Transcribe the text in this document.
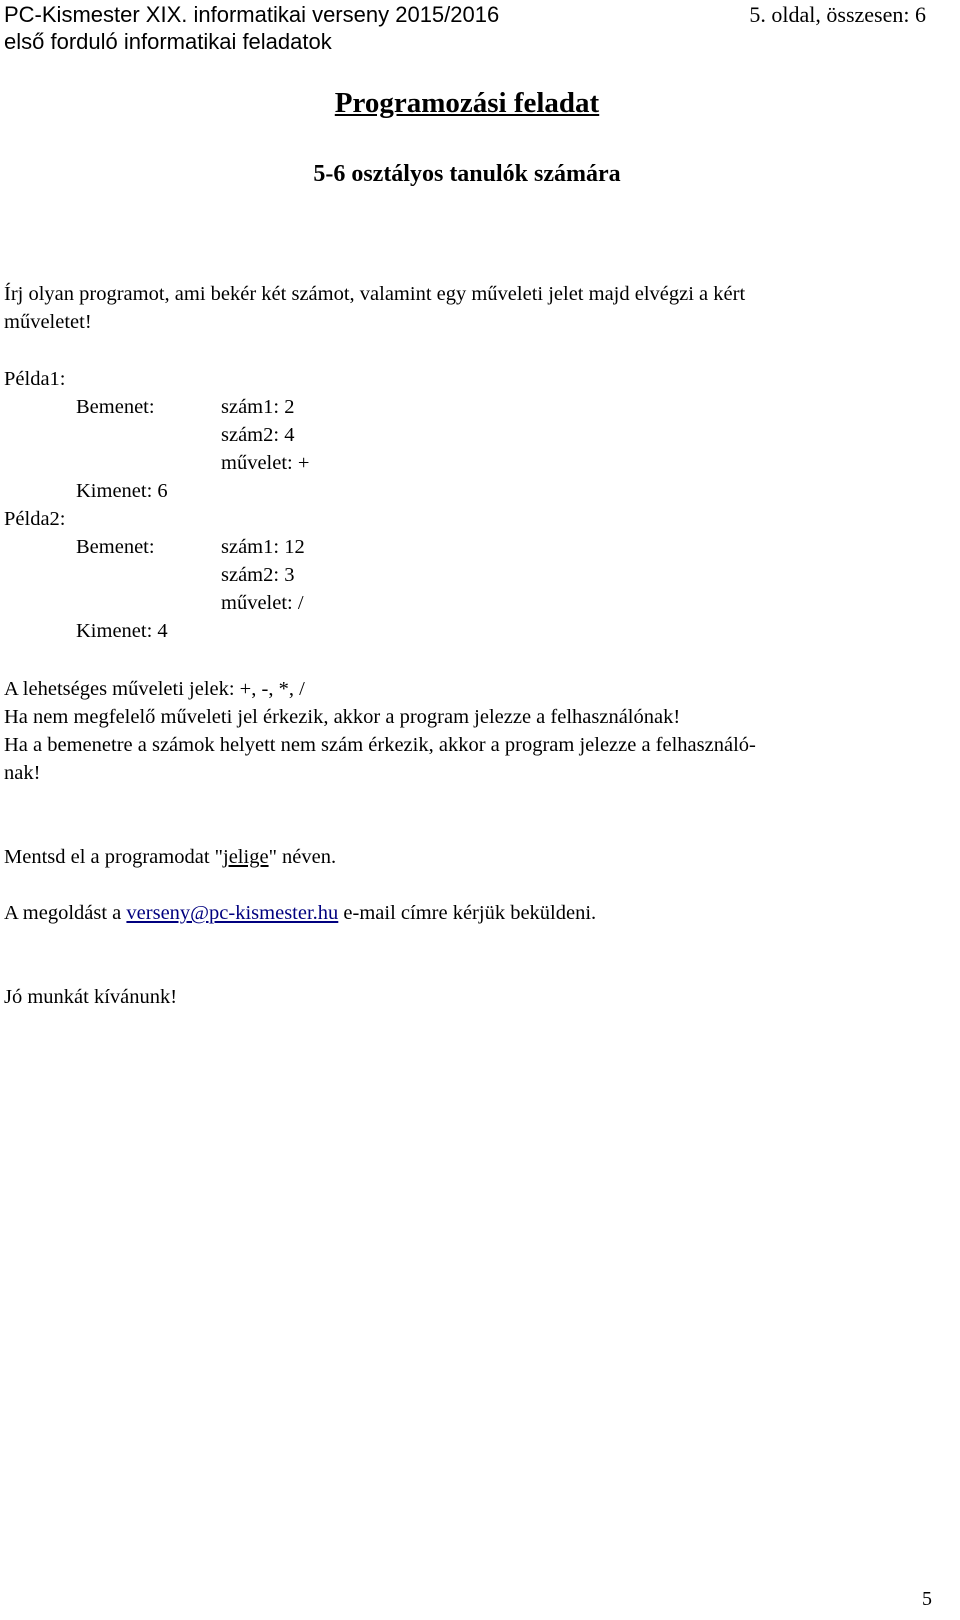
PC-Kismester XIX. informatikai verseny 2015/2016
első forduló informatikai feladatok
5. oldal, összesen: 6
Programozási feladat
5-6 osztályos tanulók számára
Írj olyan programot, ami bekér két számot, valamint egy műveleti jelet majd elvégzi a kért
műveletet!
Példa1:
Bemenet:	szám1: 2
szám2: 4
művelet: +
Kimenet: 6
Példa2:
Bemenet:	szám1: 12
szám2: 3
művelet: /
Kimenet: 4
A lehetséges műveleti jelek: +, -, *, /
Ha nem megfelelő műveleti jel érkezik, akkor a program jelezze a felhasználónak!
Ha a bemenetre a számok helyett nem szám érkezik, akkor a program jelezze a felhasználó-
nak!
Mentsd el a programodat "jelige" néven.
A megoldást a verseny@pc-kismester.hu e-mail címre kérjük beküldeni.
Jó munkát kívánunk!
5
